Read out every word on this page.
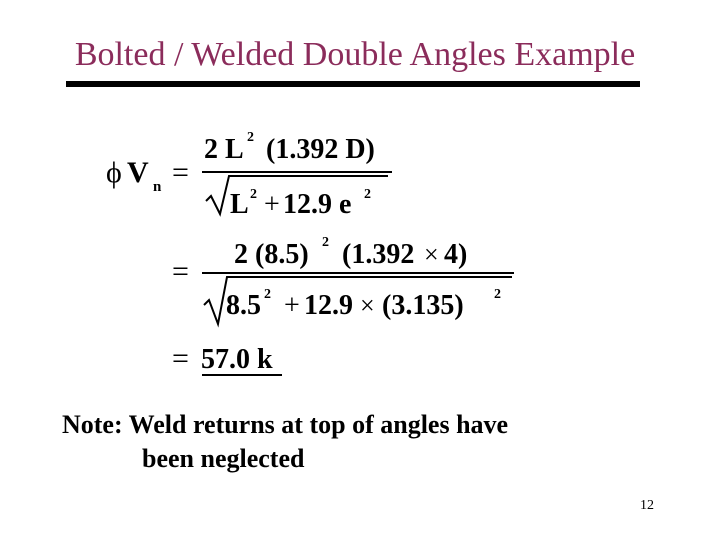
Bolted / Welded Double Angles Example
ϕ V n =
2 L 2 (1.392 D)
L 2 + 12.9 e 2
=
2 (8.5) 2 (1.392 × 4)
8.5 2 + 12.9 × (3.135) 2
= 57.0 k
Note: Weld returns at top of angles have
been neglected
12
